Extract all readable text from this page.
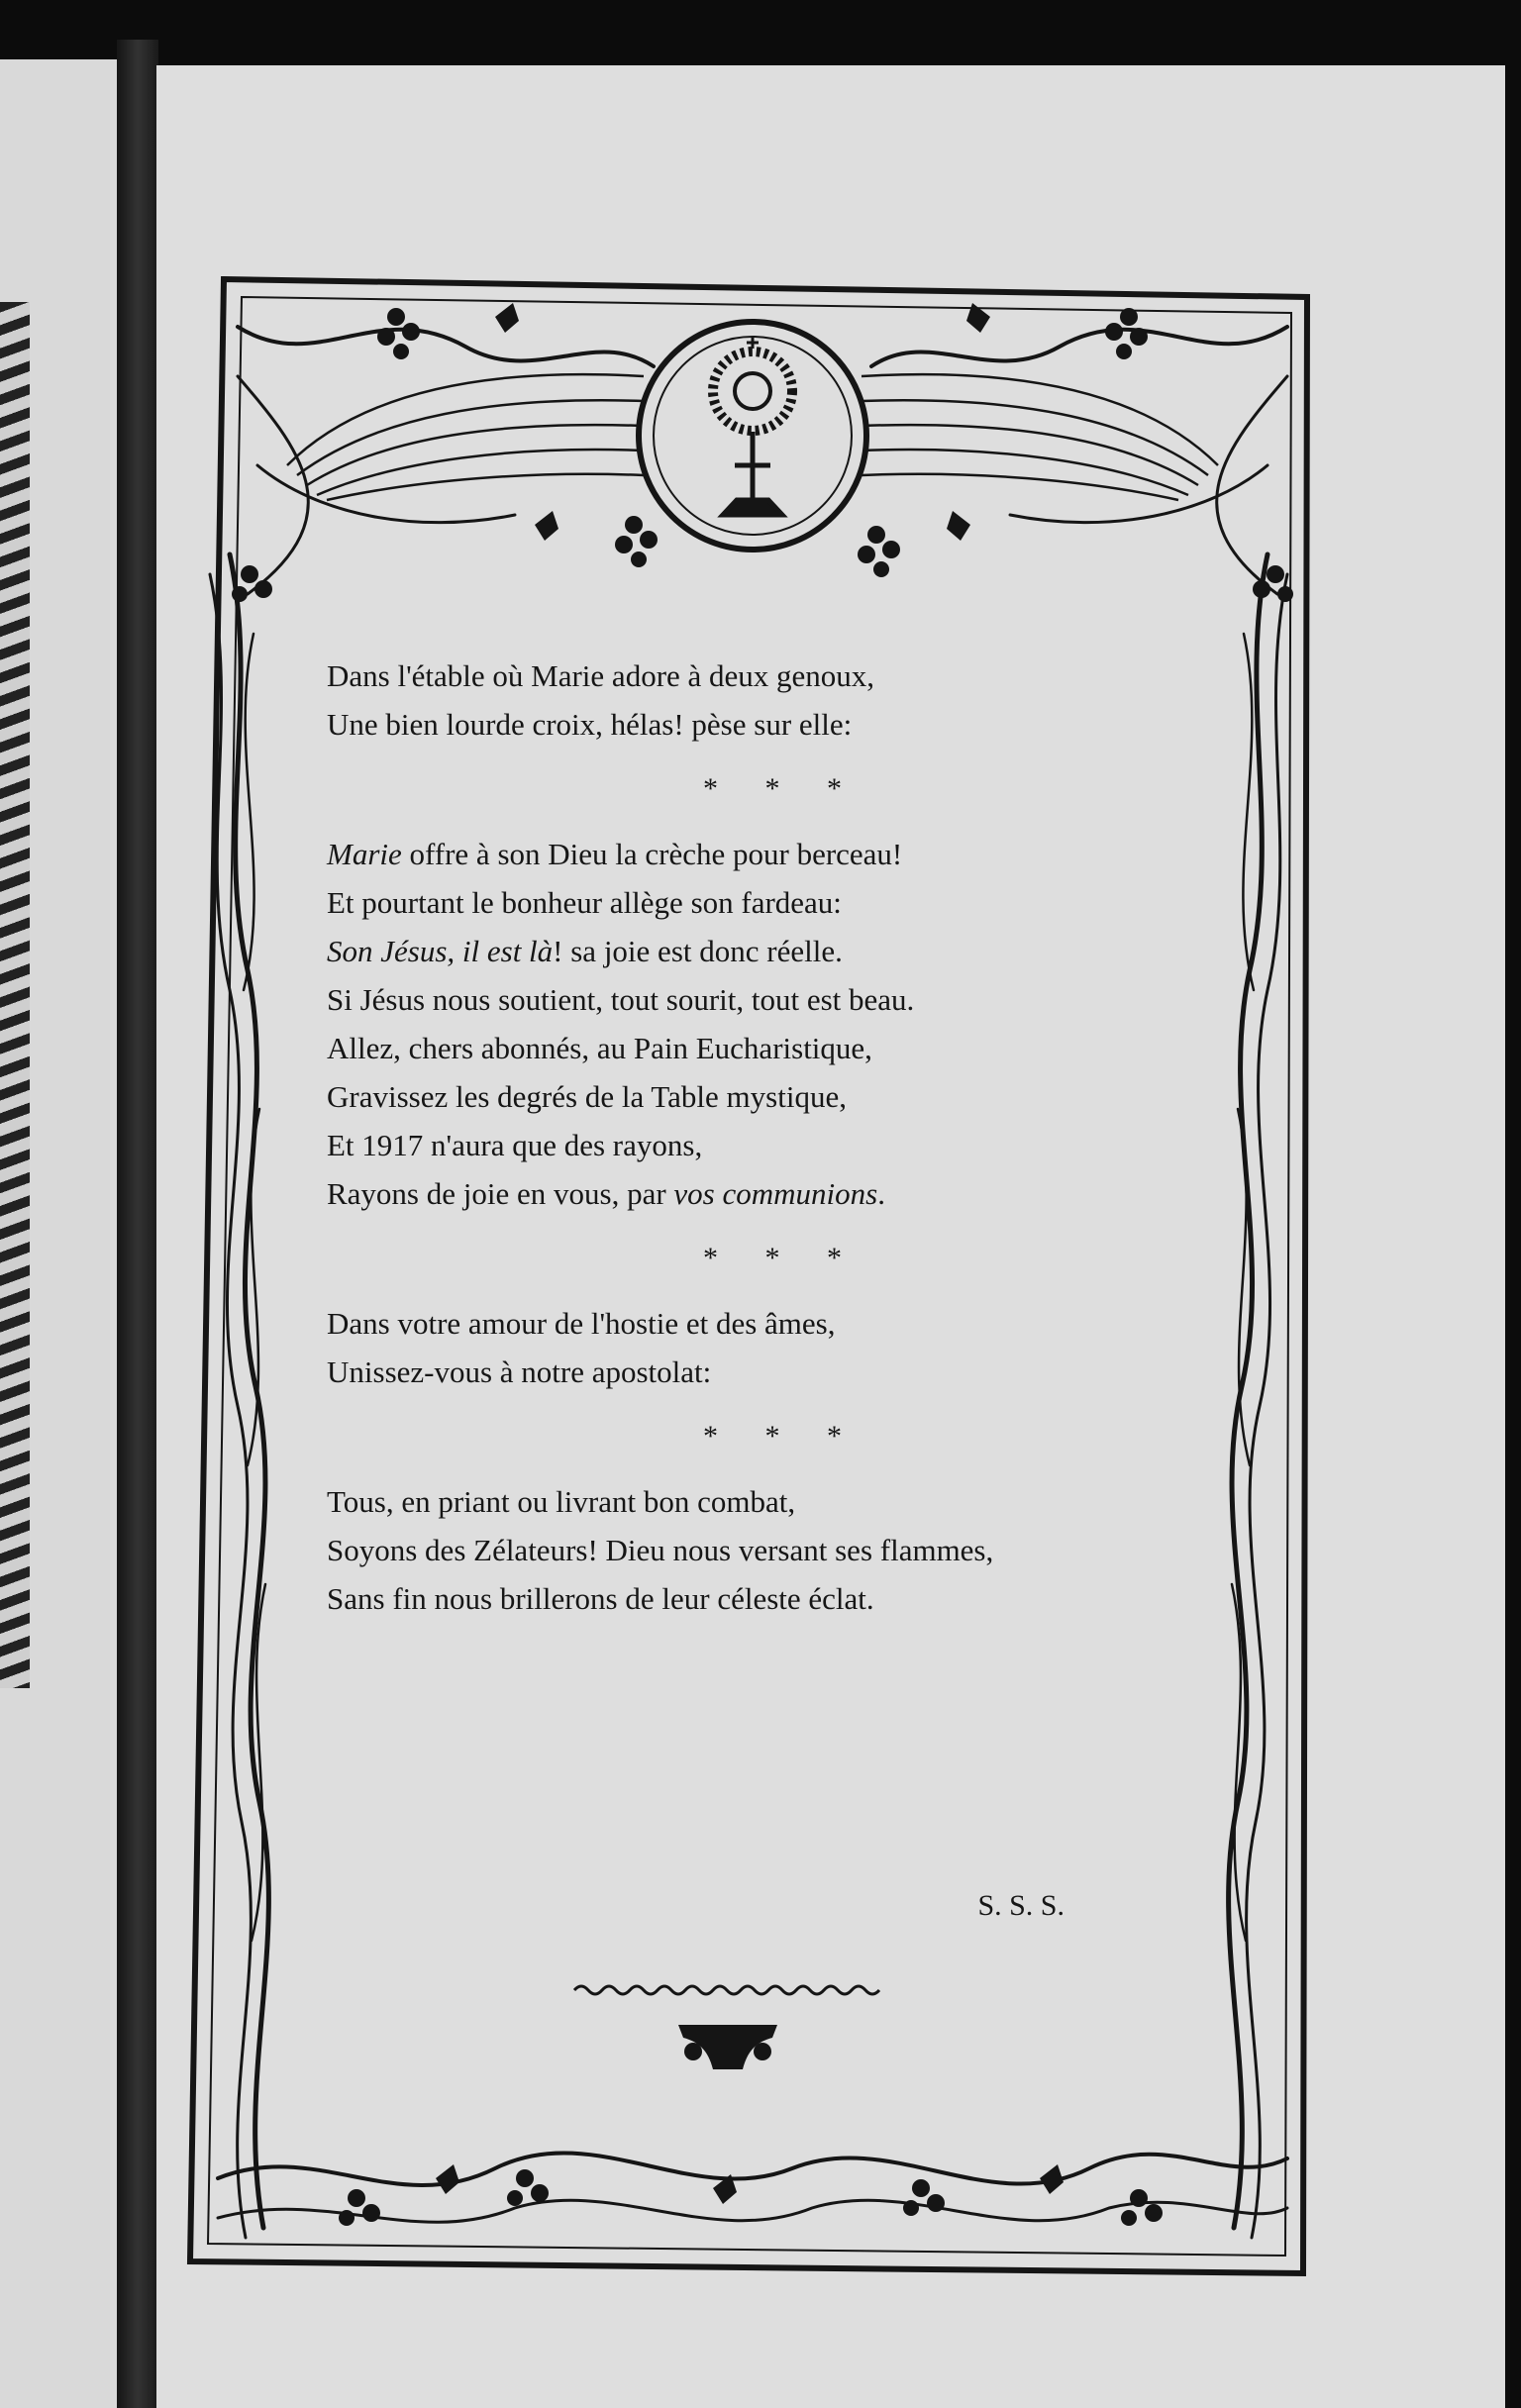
Dans l'étable où Marie adore à deux genoux,
Une bien lourde croix, hélas! pèse sur elle:
* * *
Marie offre à son Dieu la crèche pour berceau!
Et pourtant le bonheur allège son fardeau:
Son Jésus, il est là! sa joie est donc réelle.
Si Jésus nous soutient, tout sourit, tout est beau.
Allez, chers abonnés, au Pain Eucharistique,
Gravissez les degrés de la Table mystique,
Et 1917 n'aura que des rayons,
Rayons de joie en vous, par vos communions.
* * *
Dans votre amour de l'hostie et des âmes,
Unissez-vous à notre apostolat:
* * *
Tous, en priant ou livrant bon combat,
Soyons des Zélateurs! Dieu nous versant ses flammes,
Sans fin nous brillerons de leur céleste éclat.
S. S. S.
